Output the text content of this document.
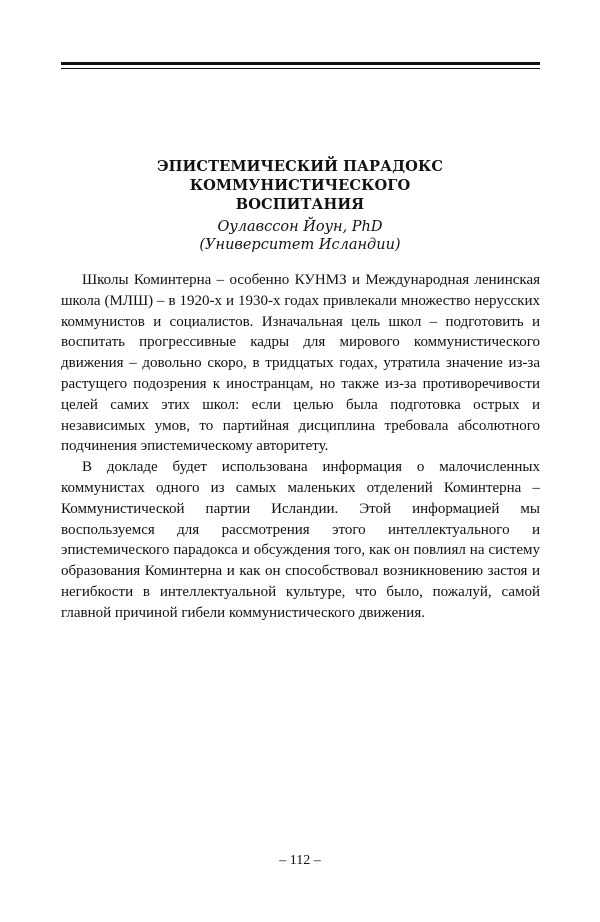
ЭПИСТЕМИЧЕСКИЙ ПАРАДОКС КОММУНИСТИЧЕСКОГО
ВОСПИТАНИЯ
Оулавссон Йоун, PhD
(Университет Исландии)

Школы Коминтерна – особенно КУНМЗ и Международная ленинская школа (МЛШ) – в 1920-х и 1930-х годах привлекали множество нерусских коммунистов и социалистов. Изначальная цель школ – подготовить и воспитать прогрессивные кадры для мирового коммунистического движения – довольно скоро, в тридцатых годах, утратила значение из-за растущего подозрения к иностранцам, но также из-за противоречивости целей самих этих школ: если целью была подготовка острых и независимых умов, то партийная дисциплина требовала абсолютного подчинения эпистемическому авторитету.

В докладе будет использована информация о малочисленных коммунистах одного из самых маленьких отделений Коминтерна – Коммунистической партии Исландии. Этой информацией мы воспользуемся для рассмотрения этого интеллектуального и эпистемического парадокса и обсуждения того, как он повлиял на систему образования Коминтерна и как он способствовал возникновению застоя и негибкости в интеллектуальной культуре, что было, пожалуй, самой главной причиной гибели коммунистического движения.

– 112 –
